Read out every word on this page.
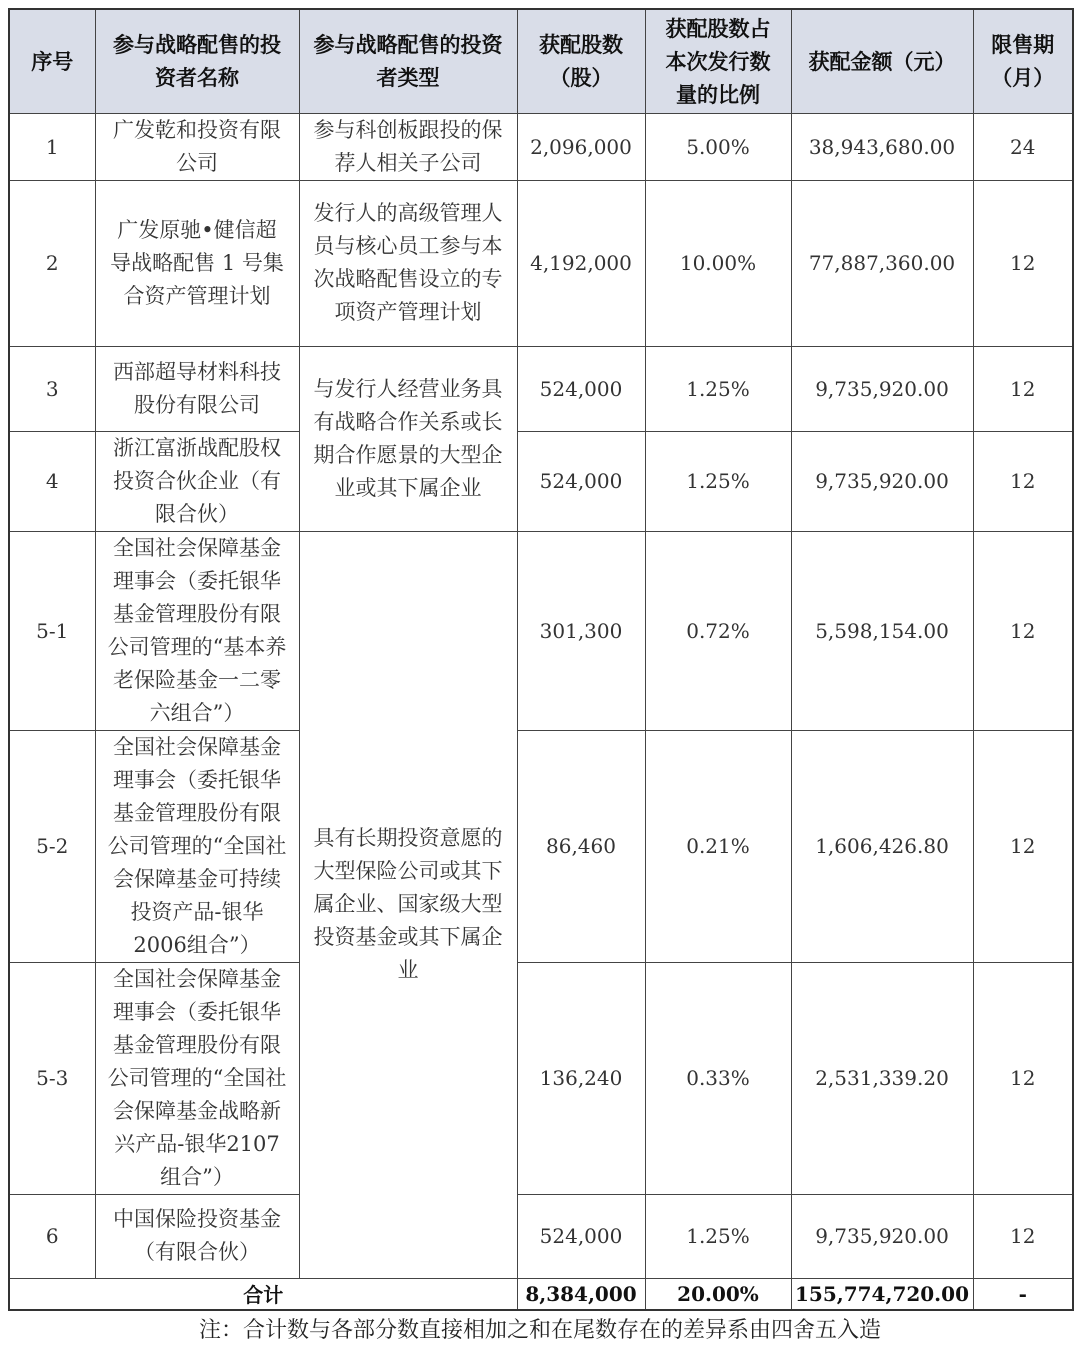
序号	参与战略配售的投资者名称	参与战略配售的投资者类型	获配股数（股）	获配股数占本次发行数量的比例	获配金额（元）	限售期（月）
1	广发乾和投资有限公司	参与科创板跟投的保荐人相关子公司	2,096,000	5.00%	38,943,680.00	24
2	广发原驰•健信超导战略配售 1 号集合资产管理计划	发行人的高级管理人员与核心员工参与本次战略配售设立的专项资产管理计划	4,192,000	10.00%	77,887,360.00	12
3	西部超导材料科技股份有限公司	与发行人经营业务具有战略合作关系或长期合作愿景的大型企业或其下属企业	524,000	1.25%	9,735,920.00	12
4	浙江富浙战配股权投资合伙企业（有限合伙）		524,000	1.25%	9,735,920.00	12
5-1	全国社会保障基金理事会（委托银华基金管理股份有限公司管理的“基本养老保险基金一二零六组合”）	具有长期投资意愿的大型保险公司或其下属企业、国家级大型投资基金或其下属企业	301,300	0.72%	5,598,154.00	12
5-2	全国社会保障基金理事会（委托银华基金管理股份有限公司管理的“全国社会保障基金可持续投资产品-银华2006组合”）		86,460	0.21%	1,606,426.80	12
5-3	全国社会保障基金理事会（委托银华基金管理股份有限公司管理的“全国社会保障基金战略新兴产品-银华2107组合”）		136,240	0.33%	2,531,339.20	12
6	中国保险投资基金（有限合伙）		524,000	1.25%	9,735,920.00	12
合计			8,384,000	20.00%	155,774,720.00	-
注：合计数与各部分数直接相加之和在尾数存在的差异系由四舍五入造
